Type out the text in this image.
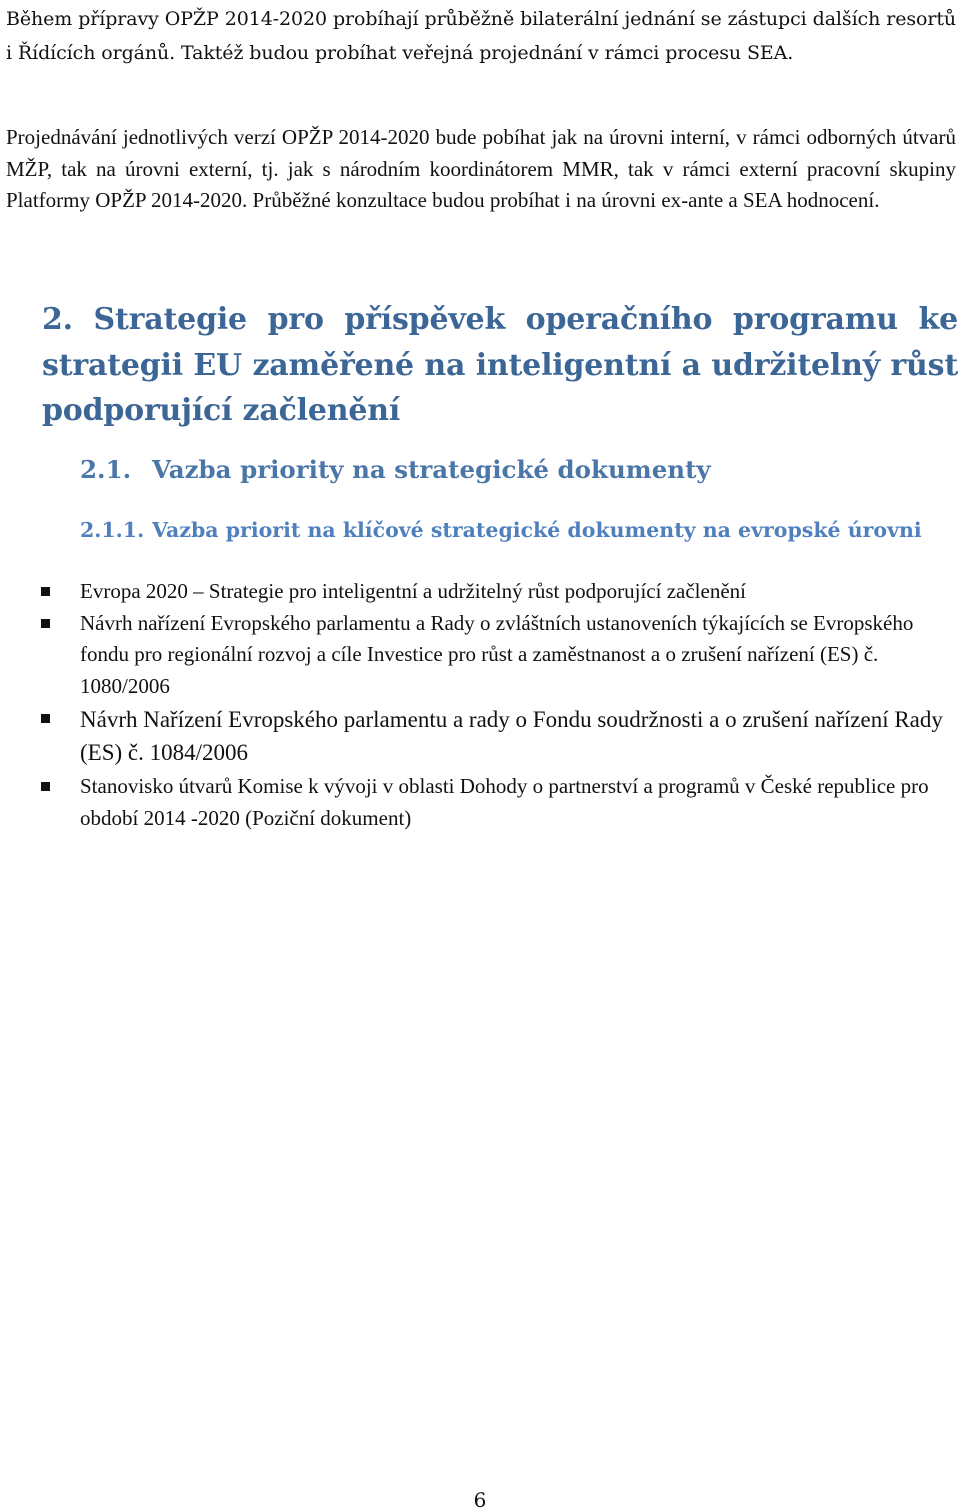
Během přípravy OPŽP 2014-2020 probíhají průběžně bilaterální jednání se zástupci dalších resortů i Řídících orgánů. Taktéž budou probíhat veřejná projednání v rámci procesu SEA.

Projednávání jednotlivých verzí OPŽP 2014-2020 bude pobíhat jak na úrovni interní, v rámci odborných útvarů MŽP, tak na úrovni externí, tj. jak s národním koordinátorem MMR, tak v rámci externí pracovní skupiny Platformy OPŽP 2014-2020. Průběžné konzultace budou probíhat i na úrovni ex-ante a SEA hodnocení.

2. Strategie pro příspěvek operačního programu ke strategii EU zaměřené na inteligentní a udržitelný růst podporující začlenění
2.1. Vazba priority na strategické dokumenty
2.1.1. Vazba priorit na klíčové strategické dokumenty na evropské úrovni
Evropa 2020 – Strategie pro inteligentní a udržitelný růst podporující začlenění
Návrh nařízení Evropského parlamentu a Rady o zvláštních ustanoveních týkajících se Evropského fondu pro regionální rozvoj a cíle Investice pro růst a zaměstnanost a o zrušení nařízení (ES) č. 1080/2006
Návrh Nařízení Evropského parlamentu a rady o Fondu soudržnosti a o zrušení nařízení Rady (ES) č. 1084/2006
Stanovisko útvarů Komise k vývoji v oblasti Dohody o partnerství a programů v České republice pro období 2014 -2020 (Poziční dokument)

6
